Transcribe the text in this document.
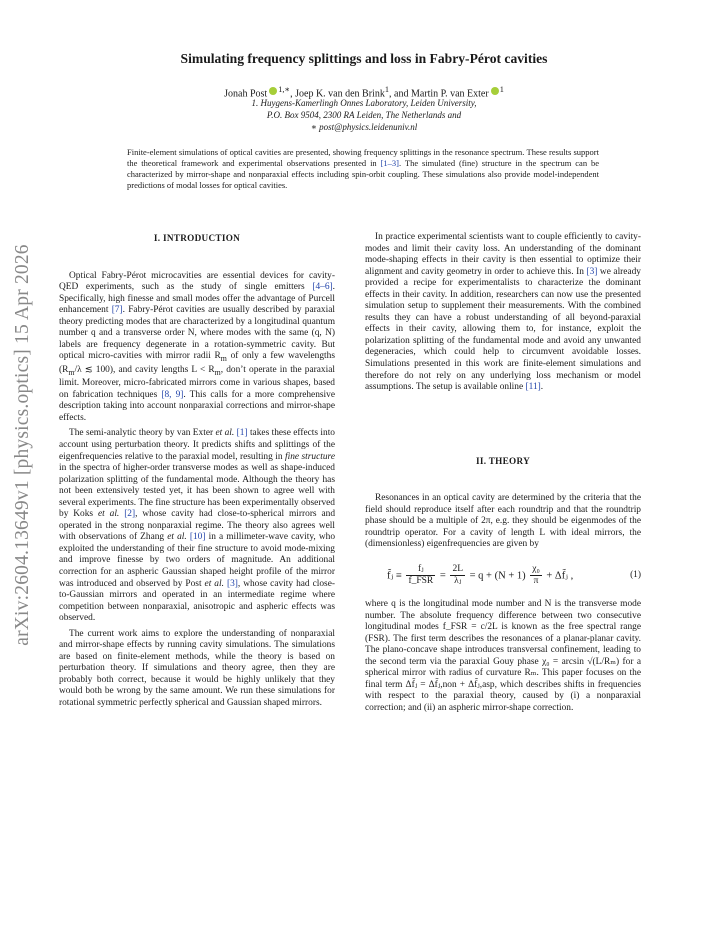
arXiv:2604.13649v1 [physics.optics] 15 Apr 2026
Simulating frequency splittings and loss in Fabry-Pérot cavities
Jonah Post $^{1,∗}$, Joep K. van den Brink$^1$, and Martin P. van Exter $^1$
1. Huygens-Kamerlingh Onnes Laboratory, Leiden University,
P.O. Box 9504, 2300 RA Leiden, The Netherlands and
∗ post@physics.leidenuniv.nl
Finite-element simulations of optical cavities are presented, showing frequency splittings in the resonance spectrum. These results support the theoretical framework and experimental observations presented in [1–3]. The simulated (fine) structure in the spectrum can be characterized by mirror-shape and nonparaxial effects including spin-orbit coupling. These simulations also provide model-independent predictions of modal losses for optical cavities.

I. INTRODUCTION

Optical Fabry-Pérot microcavities are essential devices for cavity-QED experiments, such as the study of single emitters [4–6]. Specifically, high finesse and small modes offer the advantage of Purcell enhancement [7]. Fabry-Pérot cavities are usually described by paraxial theory predicting modes that are characterized by a longitudinal quantum number q and a transverse order N, where modes with the same (q, N) labels are frequency degenerate in a rotation-symmetric cavity. But optical micro-cavities with mirror radii $R_m$ of only a few wavelengths ($R_m/\lambda$ ≲ 100), and cavity lengths $L < R_m$, don’t operate in the paraxial limit. Moreover, micro-fabricated mirrors come in various shapes, based on fabrication techniques [8, 9]. This calls for a more comprehensive description taking into account nonparaxial corrections and mirror-shape effects.

The semi-analytic theory by van Exter et al. [1] takes these effects into account using perturbation theory. It predicts shifts and splittings of the eigenfrequencies relative to the paraxial model, resulting in fine structure in the spectra of higher-order transverse modes as well as shape-induced polarization splitting of the fundamental mode. Although the theory has not been extensively tested yet, it has been shown to agree well with several experiments. The fine structure has been experimentally observed by Koks et al. [2], whose cavity had close-to-spherical mirrors and operated in the strong nonparaxial regime. The theory also agrees well with observations of Zhang et al. [10] in a millimeter-wave cavity, who exploited the understanding of their fine structure to avoid mode-mixing and improve finesse by two orders of magnitude. An additional correction for an aspheric Gaussian shaped height profile of the mirror was introduced and observed by Post et al. [3], whose cavity had close-to-Gaussian mirrors and operated in an intermediate regime where competition between nonparaxial, anisotropic and aspheric effects was observed.

The current work aims to explore the understanding of nonparaxial and mirror-shape effects by running cavity simulations. The simulations are based on finite-element methods, while the theory is based on perturbation theory. If simulations and theory agree, then they are probably both correct, because it would be highly unlikely that they would both be wrong by the same amount. We run these simulations for rotational symmetric perfectly spherical and Gaussian shaped mirrors.

In practice experimental scientists want to couple efficiently to cavity-modes and limit their cavity loss. An understanding of the dominant mode-shaping effects in their cavity is then essential to optimize their alignment and cavity geometry in order to achieve this. In [3] we already provided a recipe for experimentalists to characterize the dominant effects in their cavity. In addition, researchers can now use the presented simulation setup to supplement their measurements. With the combined results they can have a robust understanding of all beyond-paraxial effects in their cavity, allowing them to, for instance, exploit the polarization splitting of the fundamental mode and avoid any unwanted degeneracies, which could help to circumvent avoidable losses. Simulations presented in this work are finite-element simulations and therefore do not rely on any underlying loss mechanism or model assumptions. The setup is available online [11].

II. THEORY

Resonances in an optical cavity are determined by the criteria that the field should reproduce itself after each roundtrip and that the roundtrip phase should be a multiple of 2π, e.g. they should be eigenmodes of the roundtrip operator. For a cavity of length L with ideal mirrors, the (dimensionless) eigenfrequencies are given by

f̃ⱼ ≡ $\frac{\text{fⱼ}}{\text{f\_FSR}} = \frac{2L}{\text{λⱼ}} = q + (N + 1) \frac{\text{χ₀}}{\pi}$ + Δf̃ⱼ ,	(1)

where q is the longitudinal mode number and N is the transverse mode number. The absolute frequency difference between two consecutive longitudinal modes f_FSR = c/2L is known as the free spectral range (FSR). The first term describes the resonances of a planar-planar cavity. The plano-concave shape introduces transversal confinement, leading to the second term via the paraxial Gouy phase χ₀ = arcsin √(L/Rₘ) for a spherical mirror with radius of curvature Rₘ. This paper focuses on the final term Δf̃ⱼ = Δf̃ⱼ,non + Δf̃ⱼ,asp, which describes shifts in frequencies with respect to the paraxial theory, caused by (i) a nonparaxial correction; and (ii) an aspheric mirror-shape correction.
